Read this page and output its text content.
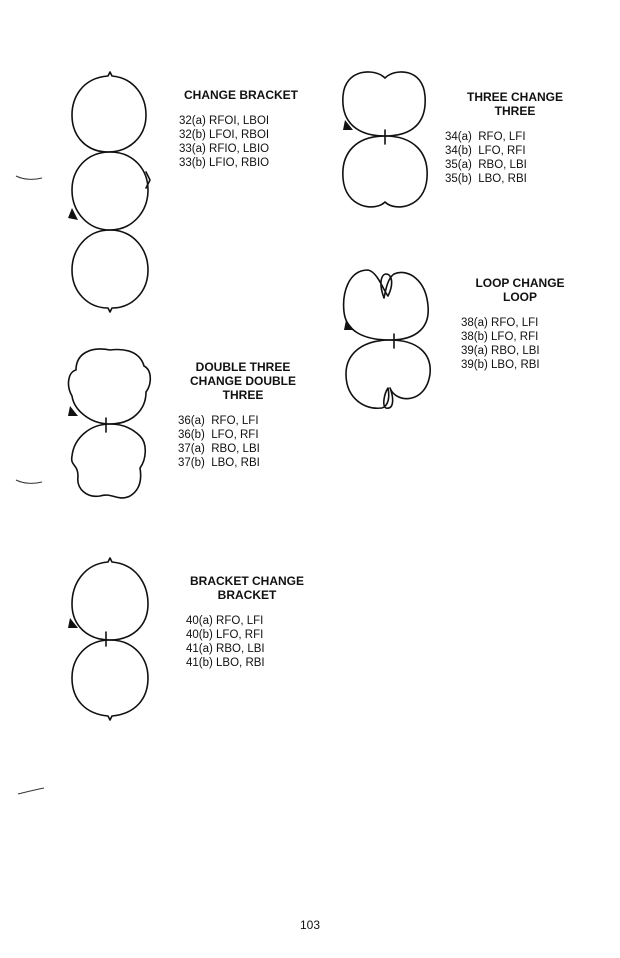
CHANGE BRACKET
32(a) RFOI, LBOI
32(b) LFOI, RBOI
33(a) RFIO, LBIO
33(b) LFIO, RBIO
THREE CHANGE
THREE
34(a)  RFO, LFI
34(b)  LFO, RFI
35(a)  RBO, LBI
35(b)  LBO, RBI
LOOP CHANGE
LOOP
38(a) RFO, LFI
38(b) LFO, RFI
39(a) RBO, LBI
39(b) LBO, RBI
DOUBLE THREE
CHANGE DOUBLE
THREE
36(a)  RFO, LFI
36(b)  LFO, RFI
37(a)  RBO, LBI
37(b)  LBO, RBI
BRACKET CHANGE
BRACKET
40(a) RFO, LFI
40(b) LFO, RFI
41(a) RBO, LBI
41(b) LBO, RBI
103
